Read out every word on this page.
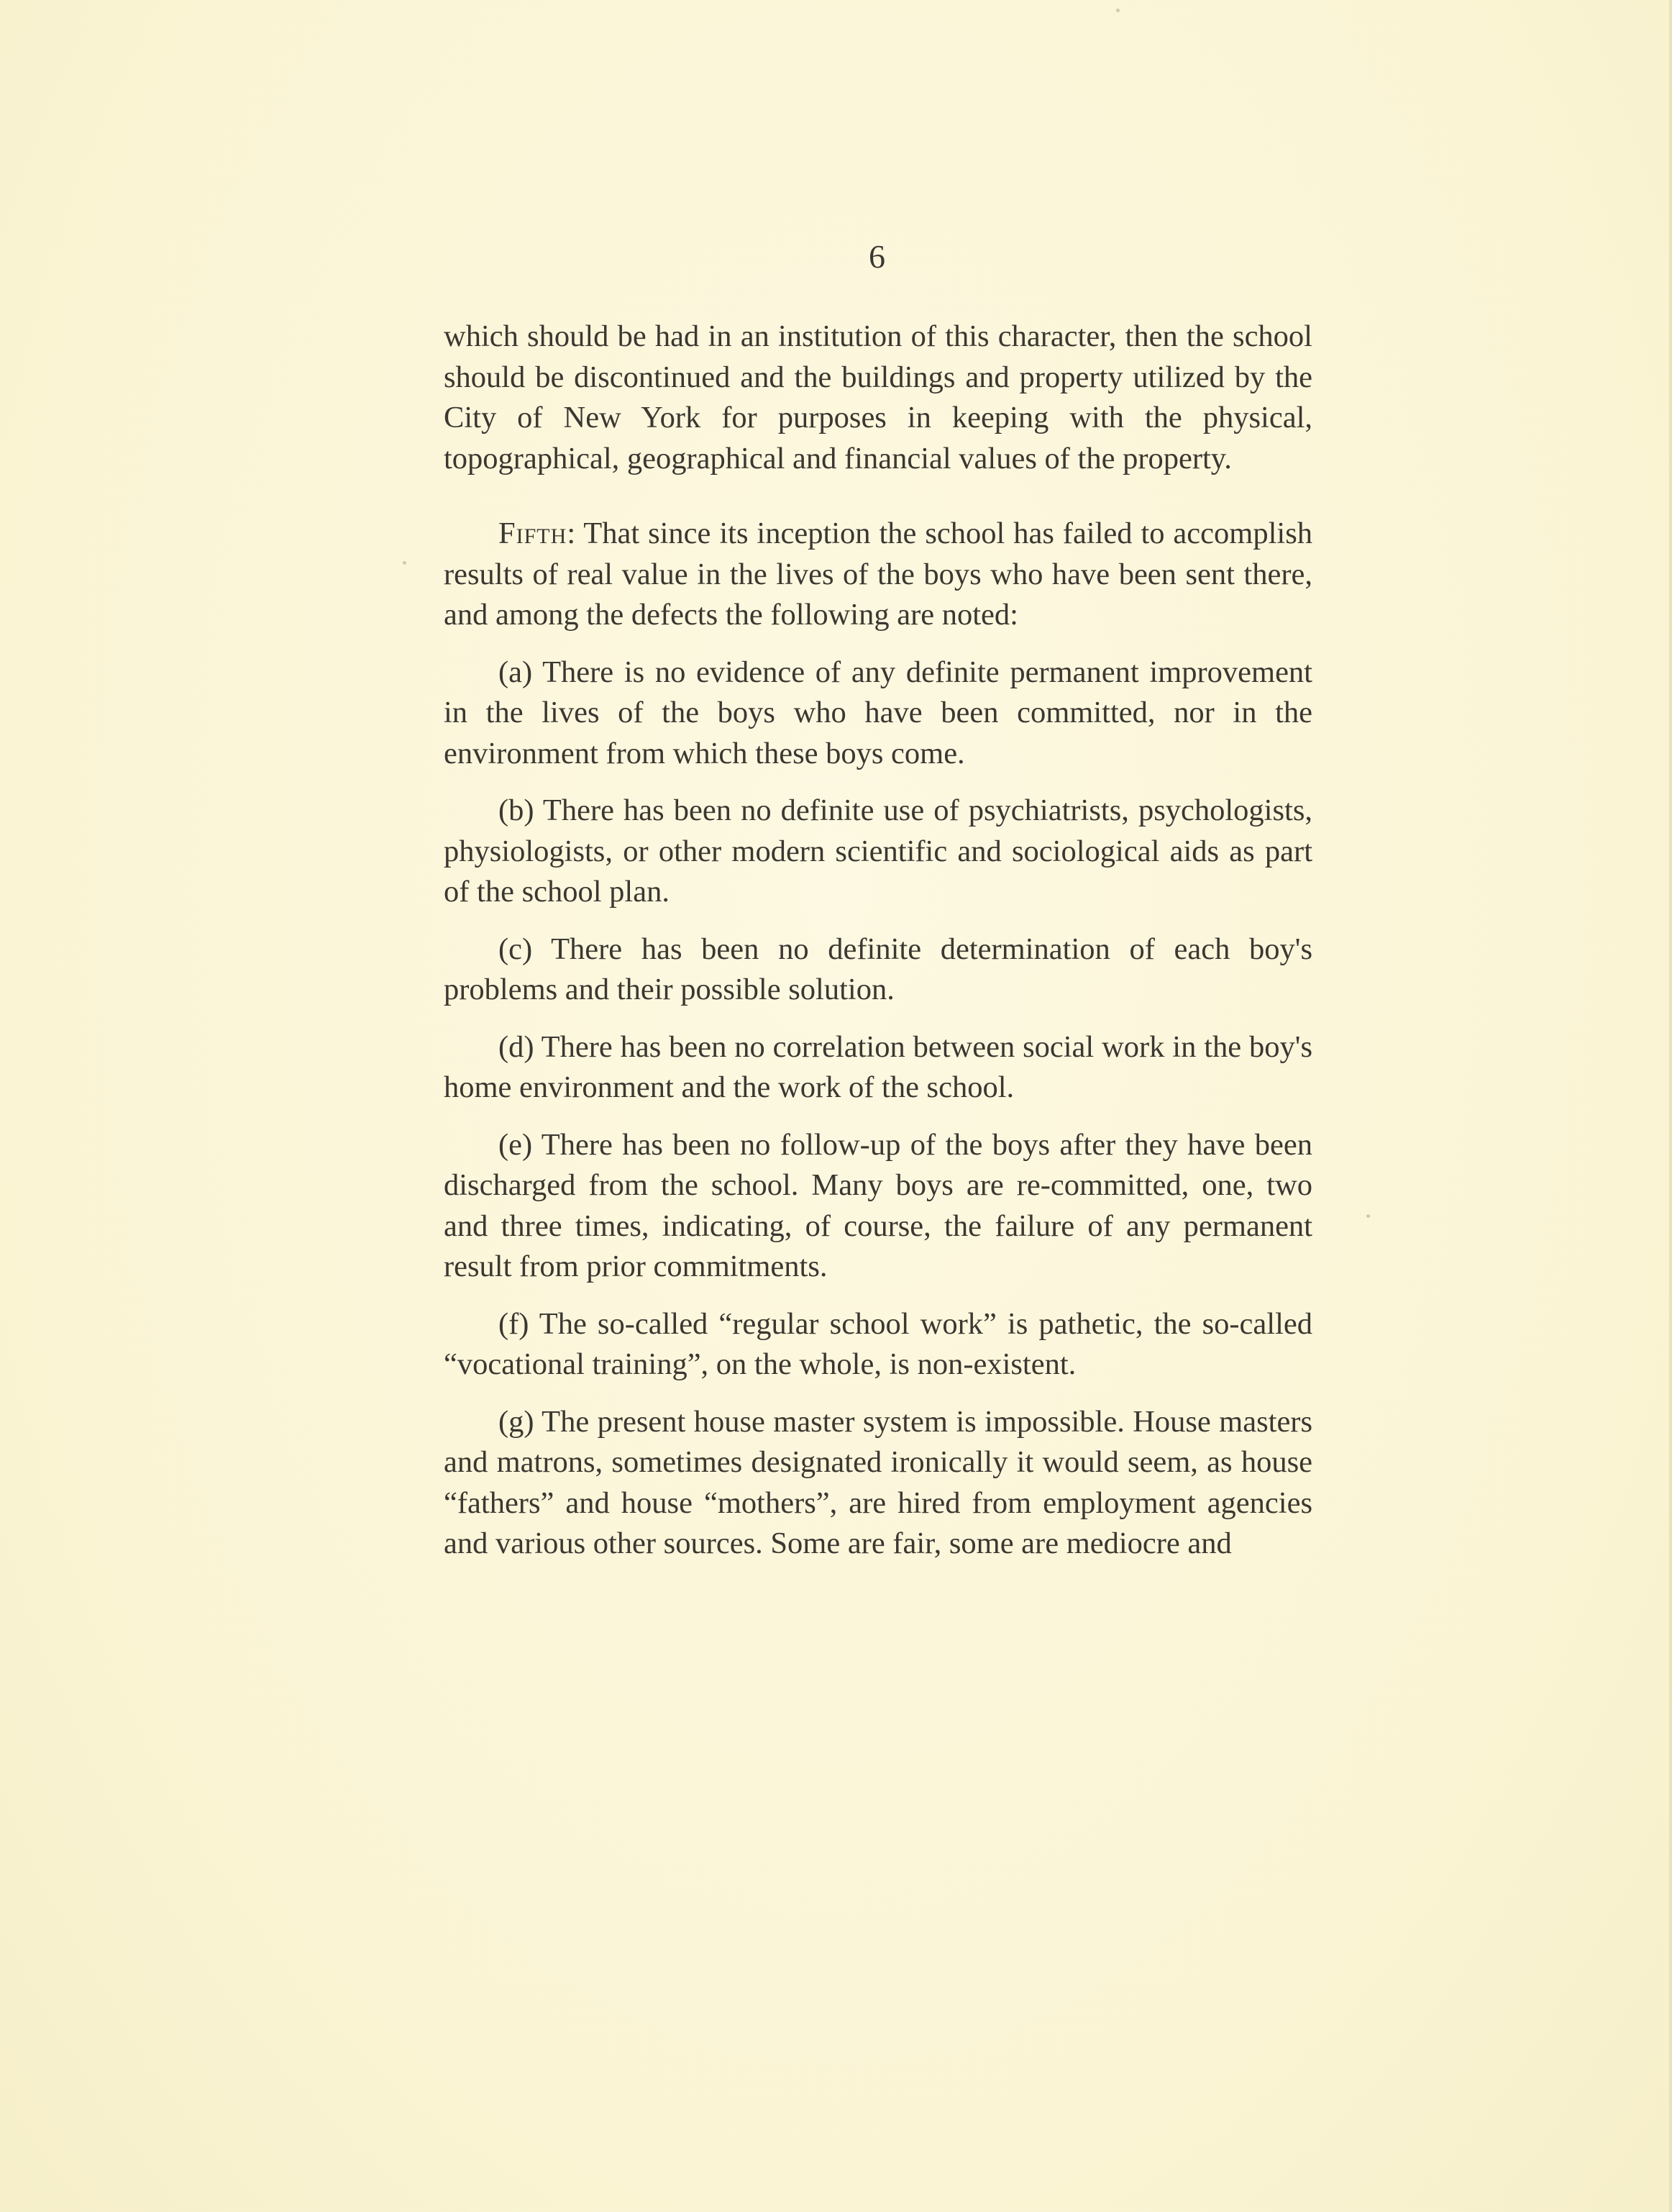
6

which should be had in an institution of this character, then the school should be discontinued and the buildings and property utilized by the City of New York for purposes in keeping with the physical, topographical, geographical and financial values of the property.

Fifth: That since its inception the school has failed to accomplish results of real value in the lives of the boys who have been sent there, and among the defects the following are noted:

(a) There is no evidence of any definite permanent improvement in the lives of the boys who have been committed, nor in the environment from which these boys come.

(b) There has been no definite use of psychiatrists, psychologists, physiologists, or other modern scientific and sociological aids as part of the school plan.

(c) There has been no definite determination of each boy's problems and their possible solution.

(d) There has been no correlation between social work in the boy's home environment and the work of the school.

(e) There has been no follow-up of the boys after they have been discharged from the school. Many boys are re-committed, one, two and three times, indicating, of course, the failure of any permanent result from prior commitments.

(f) The so-called “regular school work” is pathetic, the so-called “vocational training”, on the whole, is non-existent.

(g) The present house master system is impossible. House masters and matrons, sometimes designated ironically it would seem, as house “fathers” and house “mothers”, are hired from employment agencies and various other sources. Some are fair, some are mediocre and
